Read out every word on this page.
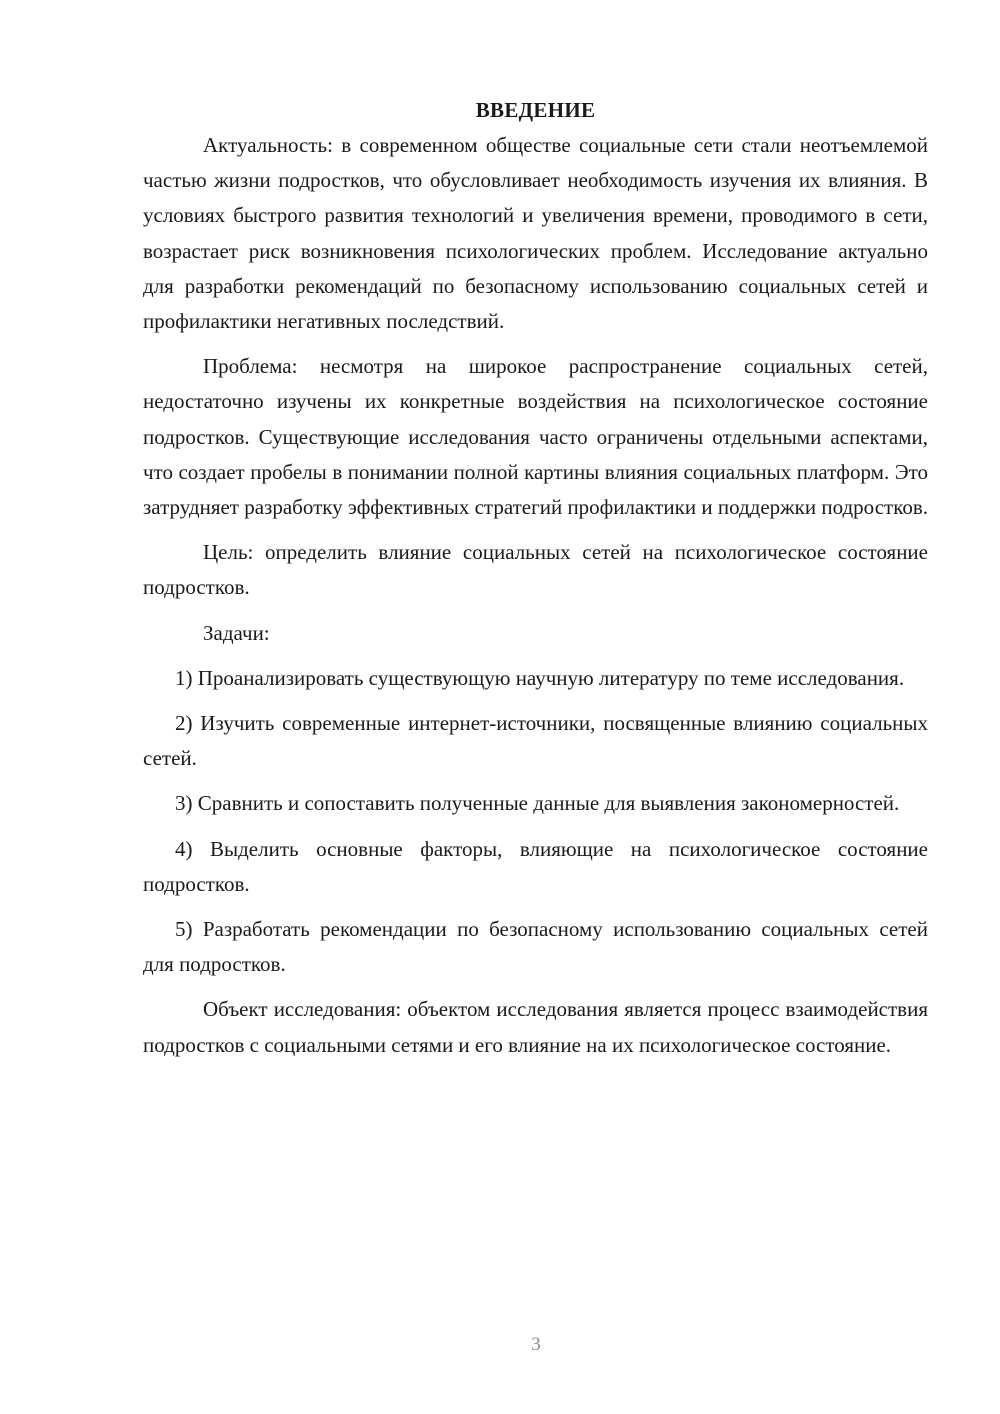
ВВЕДЕНИЕ

Актуальность: в современном обществе социальные сети стали неотъемлемой частью жизни подростков, что обусловливает необходимость изучения их влияния. В условиях быстрого развития технологий и увеличения времени, проводимого в сети, возрастает риск возникновения психологических проблем. Исследование актуально для разработки рекомендаций по безопасному использованию социальных сетей и профилактики негативных последствий.

Проблема: несмотря на широкое распространение социальных сетей, недостаточно изучены их конкретные воздействия на психологическое состояние подростков. Существующие исследования часто ограничены отдельными аспектами, что создает пробелы в понимании полной картины влияния социальных платформ. Это затрудняет разработку эффективных стратегий профилактики и поддержки подростков.

Цель: определить влияние социальных сетей на психологическое состояние подростков.

Задачи:

1) Проанализировать существующую научную литературу по теме исследования.

2) Изучить современные интернет-источники, посвященные влиянию социальных сетей.

3) Сравнить и сопоставить полученные данные для выявления закономерностей.

4) Выделить основные факторы, влияющие на психологическое состояние подростков.

5) Разработать рекомендации по безопасному использованию социальных сетей для подростков.

Объект исследования: объектом исследования является процесс взаимодействия подростков с социальными сетями и его влияние на их психологическое состояние.

3
